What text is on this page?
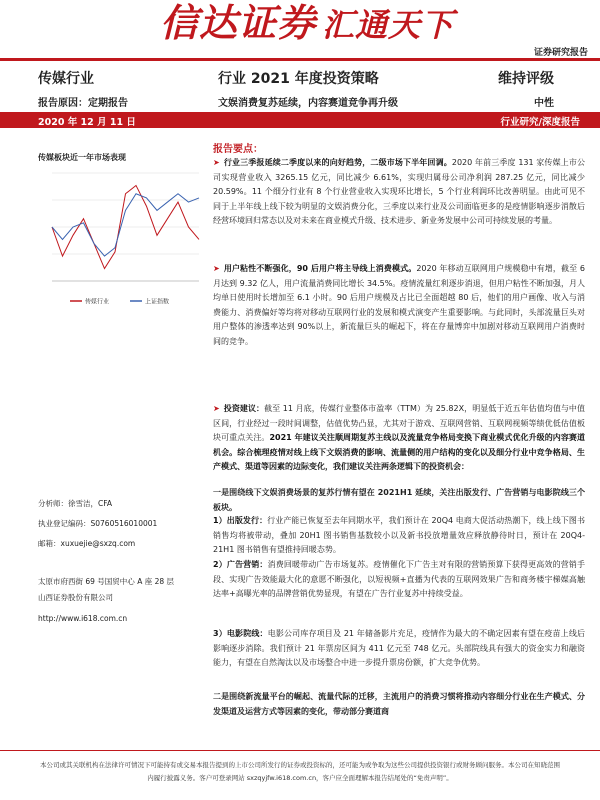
信达证券 汇通天下
证券研究报告
传媒行业	行业 2021 年度投资策略	维持评级
报告原因：定期报告	文娱消费复苏延续，内容赛道竞争再升级	中性
2020 年 12 月 11 日	行业研究/深度报告
传媒板块近一年市场表现
传媒行业	上证指数
分析师：徐雪洁，CFA
执业登记编码：S0760516010001
邮箱：xuxuejie@sxzq.com
太原市府西街 69 号国贸中心 A 座 28 层
山西证券股份有限公司
http://www.i618.com.cn
报告要点：
➤ 行业三季报延续二季度以来的向好趋势，二级市场下半年回调。2020 年前三季度 131 家传媒上市公司实现营业收入 3265.15 亿元，同比减少 6.61%，实现归属母公司净利润 287.25 亿元，同比减少 20.59%。11 个细分行业有 8 个行业营业收入实现环比增长，5 个行业利润环比改善明显。由此可见不同于上半年线上线下较为明显的文娱消费分化，三季度以来行业及公司面临更多的是疫情影响逐步消散后经营环境回归常态以及对未来在商业模式升级、技术进步、新业务发展中公司可持续发展的考量。
➤ 用户粘性不断强化，90 后用户将主导线上消费模式。2020 年移动互联网用户规模稳中有增，截至 6 月达到 9.32 亿人，用户流量消费同比增长 34.5%。疫情流量红利逐步消退，但用户粘性不断加强，月人均单日使用时长增加至 6.1 小时。90 后用户规模及占比已全面超越 80 后，他们的用户画像、收入与消费能力、消费偏好等均将对移动互联网行业的发展和模式演变产生重要影响。与此同时，头部流量巨头对用户整体的渗透率达到 90%以上，新流量巨头的崛起下，将在存量博弈中加剧对移动互联网用户消费时间的竞争。
➤ 投资建议：截至 11 月底，传媒行业整体市盈率（TTM）为 25.82X，明显低于近五年估值均值与中值区间，行业经过一段时间调整，估值优势凸显，尤其对于游戏、互联网营销、互联网视频等绩优低估值板块可重点关注。2021 年建议关注顺周期复苏主线以及流量竞争格局变换下商业模式优化升级的内容赛道机会。综合梳理疫情对线上线下文娱消费的影响、流量侧的用户结构的变化以及细分行业中竞争格局、生产模式、渠道等因素的边际变化，我们建议关注两条逻辑下的投资机会：
一是围绕线下文娱消费场景的复苏行情有望在 2021H1 延续，关注出版发行、广告营销与电影院线三个板块。
1）出版发行：行业产能已恢复至去年同期水平，我们预计在 20Q4 电商大促活动热潮下，线上线下图书销售均将被带动，叠加 20H1 图书销售基数较小以及新书投放增量效应释放静待时日，预计在 20Q4-21H1 图书销售有望推持回暖态势。
2）广告营销：消费回暖带动广告市场复苏。疫情催化下广告主对有限的营销预算下获得更高效的营销手段、实现广告效能最大化的意愿不断强化，以短视频+直播为代表的互联网效果广告和商务楼宇梯媒高触达率+高曝光率的品牌营销优势显现，有望在广告行业复苏中持续受益。
3）电影院线：电影公司库存项目及 21 年储备影片充足，疫情作为最大的不确定因素有望在疫苗上线后影响逐步消除。我们预计 21 年票房区间为 411 亿元至 748 亿元。头部院线具有强大的资金实力和融资能力，有望在自然淘汰以及市场整合中进一步提升票房份额，扩大竞争优势。
二是围绕新流量平台的崛起、流量代际的迁移，主流用户的消费习惯将推动内容细分行业在生产模式、分发渠道及运营方式等因素的变化，带动部分赛道商
本公司或其关联机构在法律许可情况下可能持有或交易本报告提到的上市公司所发行的证券或投资标的，还可能为或争取为这些公司提供投资银行或财务顾问服务。本公司在知晓范围内履行披露义务。客户可登录网站 sxzqyjfw.i618.com.cn，客户应全面理解本报告结尾处的“免责声明”。
